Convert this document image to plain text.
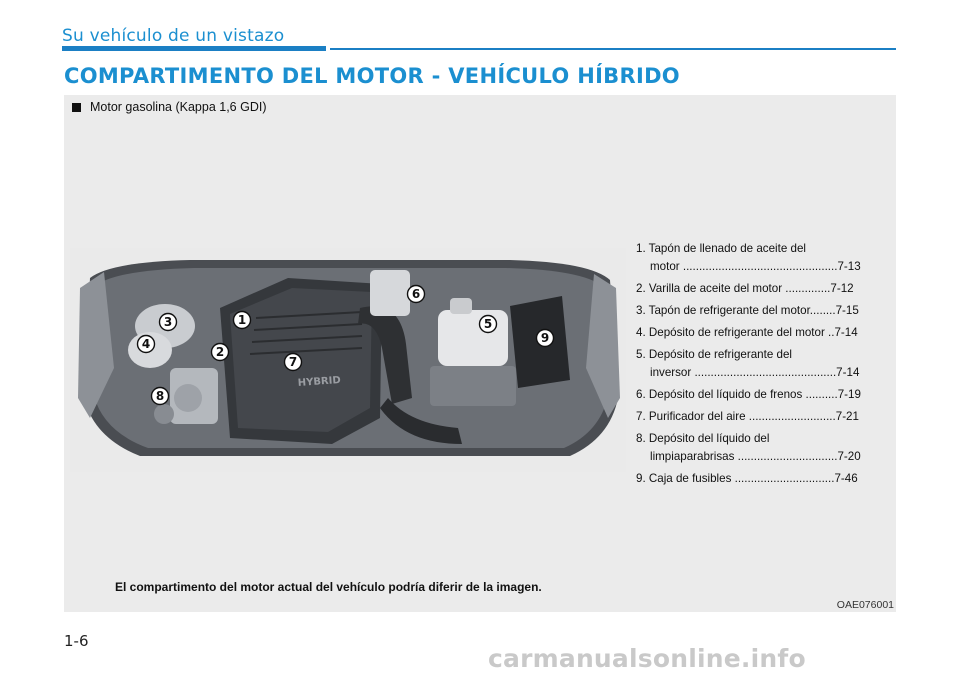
Su vehículo de un vistazo
COMPARTIMENTO DEL MOTOR - VEHÍCULO HÍBRIDO
Motor gasolina (Kappa 1,6 GDI)
HYBRID
1
2
3
4
5
6
7
8
9
1. Tapón de llenado de aceite del
motor ................................................7-13
2. Varilla de aceite del motor ..............7-12
3. Tapón de refrigerante del motor........7-15
4. Depósito de refrigerante del motor ..7-14
5. Depósito de refrigerante del
inversor ............................................7-14
6. Depósito del líquido de frenos ..........7-19
7. Purificador del aire ...........................7-21
8. Depósito del líquido del
limpiaparabrisas ...............................7-20
9. Caja de fusibles ...............................7-46
El compartimento del motor actual del vehículo podría diferir de la imagen.
OAE076001
1-6
carmanualsonline.info
